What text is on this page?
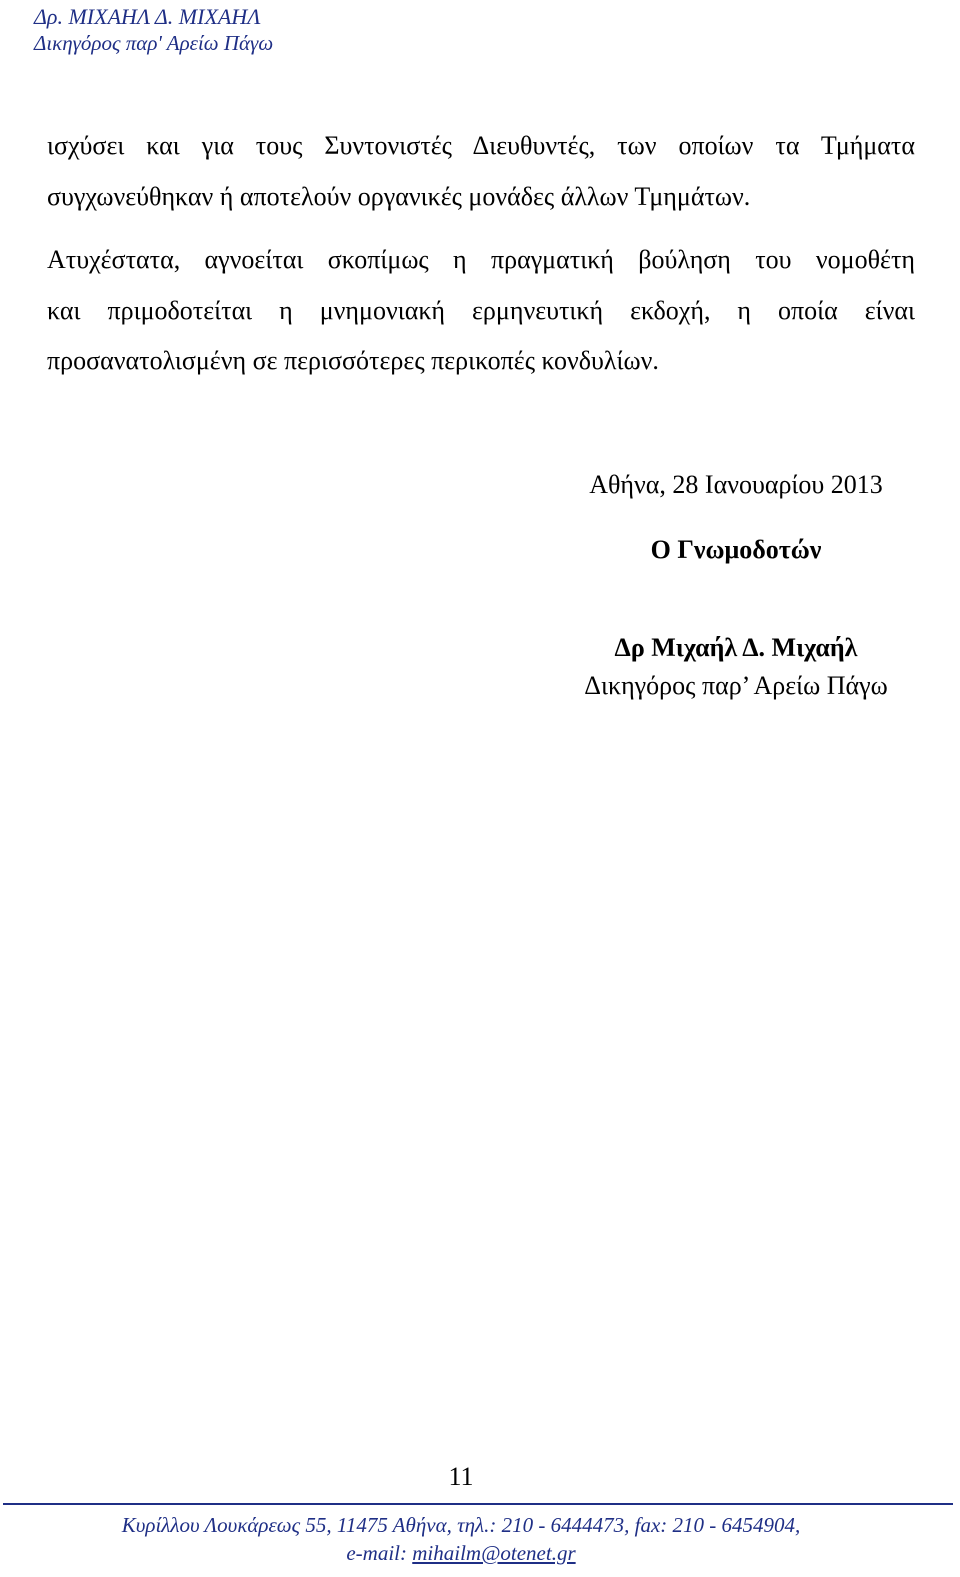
Δρ. ΜΙΧΑΗΛ Δ. ΜΙΧΑΗΛ
Δικηγόρος παρ' Αρείω Πάγω
ισχύσει και για τους Συντονιστές Διευθυντές, των οποίων τα Τμήματα
συγχωνεύθηκαν ή αποτελούν οργανικές μονάδες άλλων Τμημάτων.
Ατυχέστατα, αγνοείται σκοπίμως η πραγματική βούληση του νομοθέτη
και πριμοδοτείται η μνημονιακή ερμηνευτική εκδοχή, η οποία είναι
προσανατολισμένη σε περισσότερες περικοπές κονδυλίων.
Αθήνα, 28 Ιανουαρίου 2013
Ο Γνωμοδοτών
Δρ Μιχαήλ Δ. Μιχαήλ
Δικηγόρος παρ’ Αρείω Πάγω
11
Κυρίλλου Λουκάρεως 55, 11475 Αθήνα, τηλ.: 210 - 6444473, fax: 210 - 6454904,
e-mail: mihailm@otenet.gr
